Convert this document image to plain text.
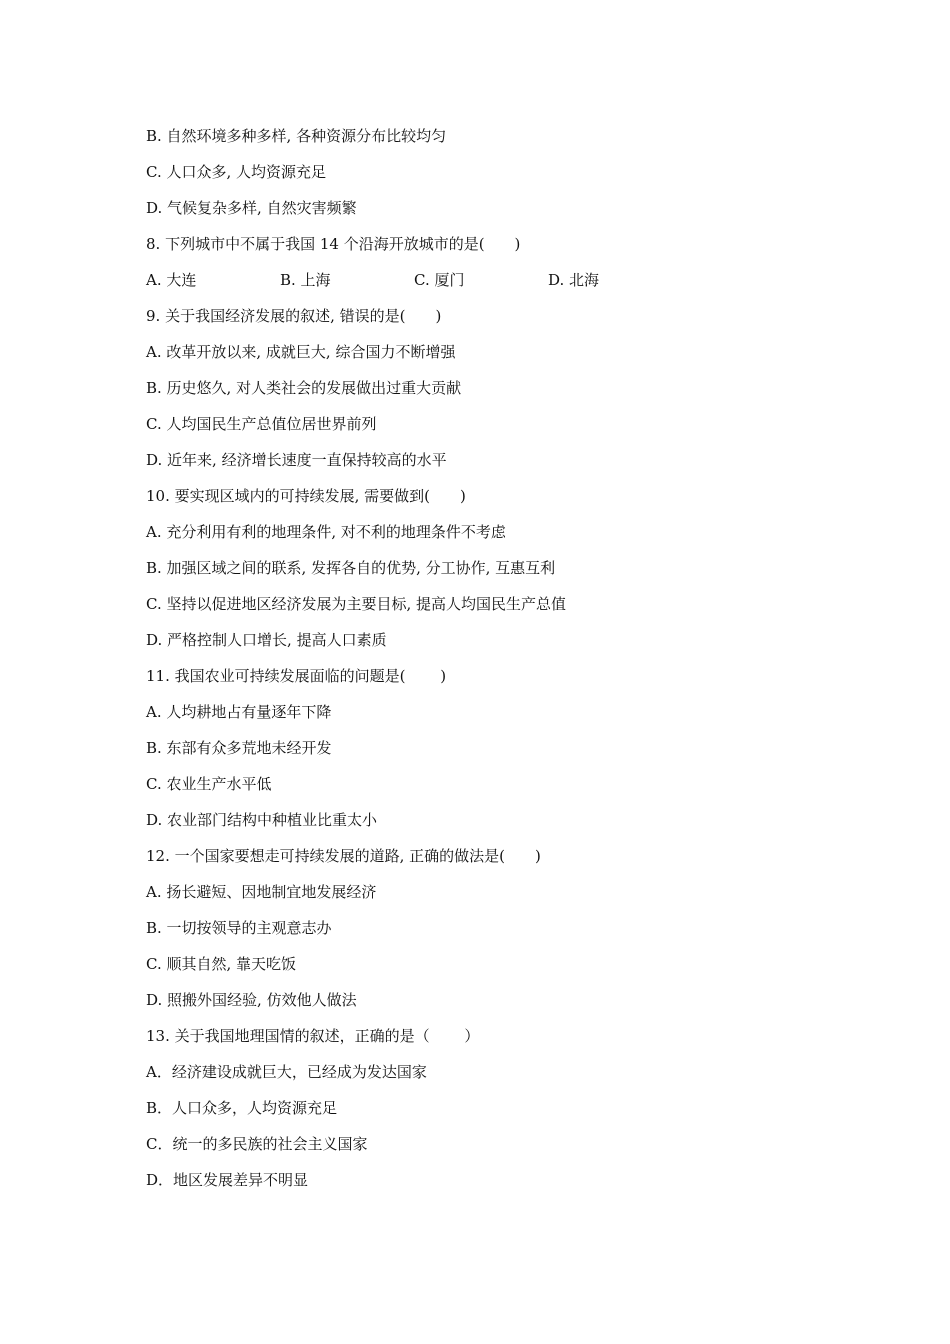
B. 自然环境多种多样, 各种资源分布比较均匀
C. 人口众多, 人均资源充足
D. 气候复杂多样, 自然灾害频繁
8. 下列城市中不属于我国 14 个沿海开放城市的是(　　)
A. 大连	B. 上海	C. 厦门	D. 北海
9. 关于我国经济发展的叙述, 错误的是(　　)
A. 改革开放以来, 成就巨大, 综合国力不断增强
B. 历史悠久, 对人类社会的发展做出过重大贡献
C. 人均国民生产总值位居世界前列
D. 近年来, 经济增长速度一直保持较高的水平
10. 要实现区域内的可持续发展, 需要做到(　　)
A. 充分利用有利的地理条件, 对不利的地理条件不考虑
B. 加强区域之间的联系, 发挥各自的优势, 分工协作, 互惠互利
C. 坚持以促进地区经济发展为主要目标, 提高人均国民生产总值
D. 严格控制人口增长, 提高人口素质
11. 我国农业可持续发展面临的问题是(　　 )
A. 人均耕地占有量逐年下降
B. 东部有众多荒地未经开发
C. 农业生产水平低
D. 农业部门结构中种植业比重太小
12. 一个国家要想走可持续发展的道路, 正确的做法是(　　)
A. 扬长避短、因地制宜地发展经济
B. 一切按领导的主观意志办
C. 顺其自然, 靠天吃饭
D. 照搬外国经验, 仿效他人做法
13. 关于我国地理国情的叙述，正确的是（　　 ）
A．经济建设成就巨大，已经成为发达国家
B．人口众多，人均资源充足
C．统一的多民族的社会主义国家
D．地区发展差异不明显
